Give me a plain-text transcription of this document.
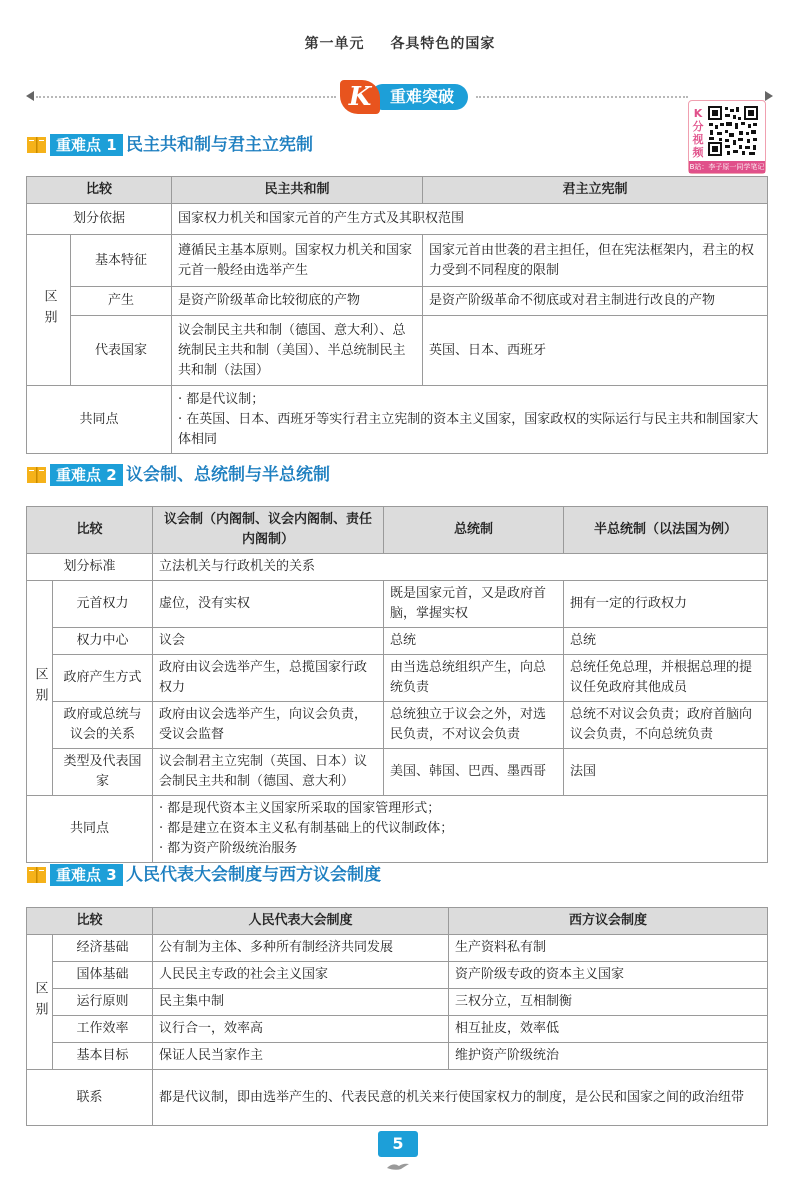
第一单元 各具特色的国家
重难突破
K
K分视频
B站：李子原一同学笔记
重难点 1 民主共和制与君主立宪制
比较		民主共和制	君主立宪制
划分依据		国家权力机关和国家元首的产生方式及其职权范围	
区别	基本特征	遵循民主基本原则。国家权力机关和国家元首一般经由选举产生	国家元首由世袭的君主担任，但在宪法框架内，君主的权力受到不同程度的限制
	产生	是资产阶级革命比较彻底的产物	是资产阶级革命不彻底或对君主制进行改良的产物
	代表国家	议会制民主共和制（德国、意大利）、总统制民主共和制（美国）、半总统制民主共和制（法国）	英国、日本、西班牙
共同点		· 都是代议制；
· 在英国、日本、西班牙等实行君主立宪制的资本主义国家，国家政权的实际运行与民主共和制国家大体相同	
重难点 2 议会制、总统制与半总统制
比较		议会制（内阁制、议会内阁制、责任内阁制）	总统制	半总统制（以法国为例）
划分标准		立法机关与行政机关的关系		
区别	元首权力	虚位，没有实权	既是国家元首，又是政府首脑，掌握实权	拥有一定的行政权力
	权力中心	议会	总统	总统
	政府产生方式	政府由议会选举产生，总揽国家行政权力	由当选总统组织产生，向总统负责	总统任免总理，并根据总理的提议任免政府其他成员
	政府或总统与议会的关系	政府由议会选举产生，向议会负责，受议会监督	总统独立于议会之外，对选民负责，不对议会负责	总统不对议会负责；政府首脑向议会负责，不向总统负责
	类型及代表国家	议会制君主立宪制（英国、日本）议会制民主共和制（德国、意大利）	美国、韩国、巴西、墨西哥	法国
共同点		· 都是现代资本主义国家所采取的国家管理形式；
· 都是建立在资本主义私有制基础上的代议制政体；
· 都为资产阶级统治服务		
重难点 3 人民代表大会制度与西方议会制度
比较		人民代表大会制度	西方议会制度
区别	经济基础	公有制为主体、多种所有制经济共同发展	生产资料私有制
	国体基础	人民民主专政的社会主义国家	资产阶级专政的资本主义国家
	运行原则	民主集中制	三权分立，互相制衡
	工作效率	议行合一，效率高	相互扯皮，效率低
	基本目标	保证人民当家作主	维护资产阶级统治
联系		都是代议制，即由选举产生的、代表民意的机关来行使国家权力的制度，是公民和国家之间的政治纽带	
5
